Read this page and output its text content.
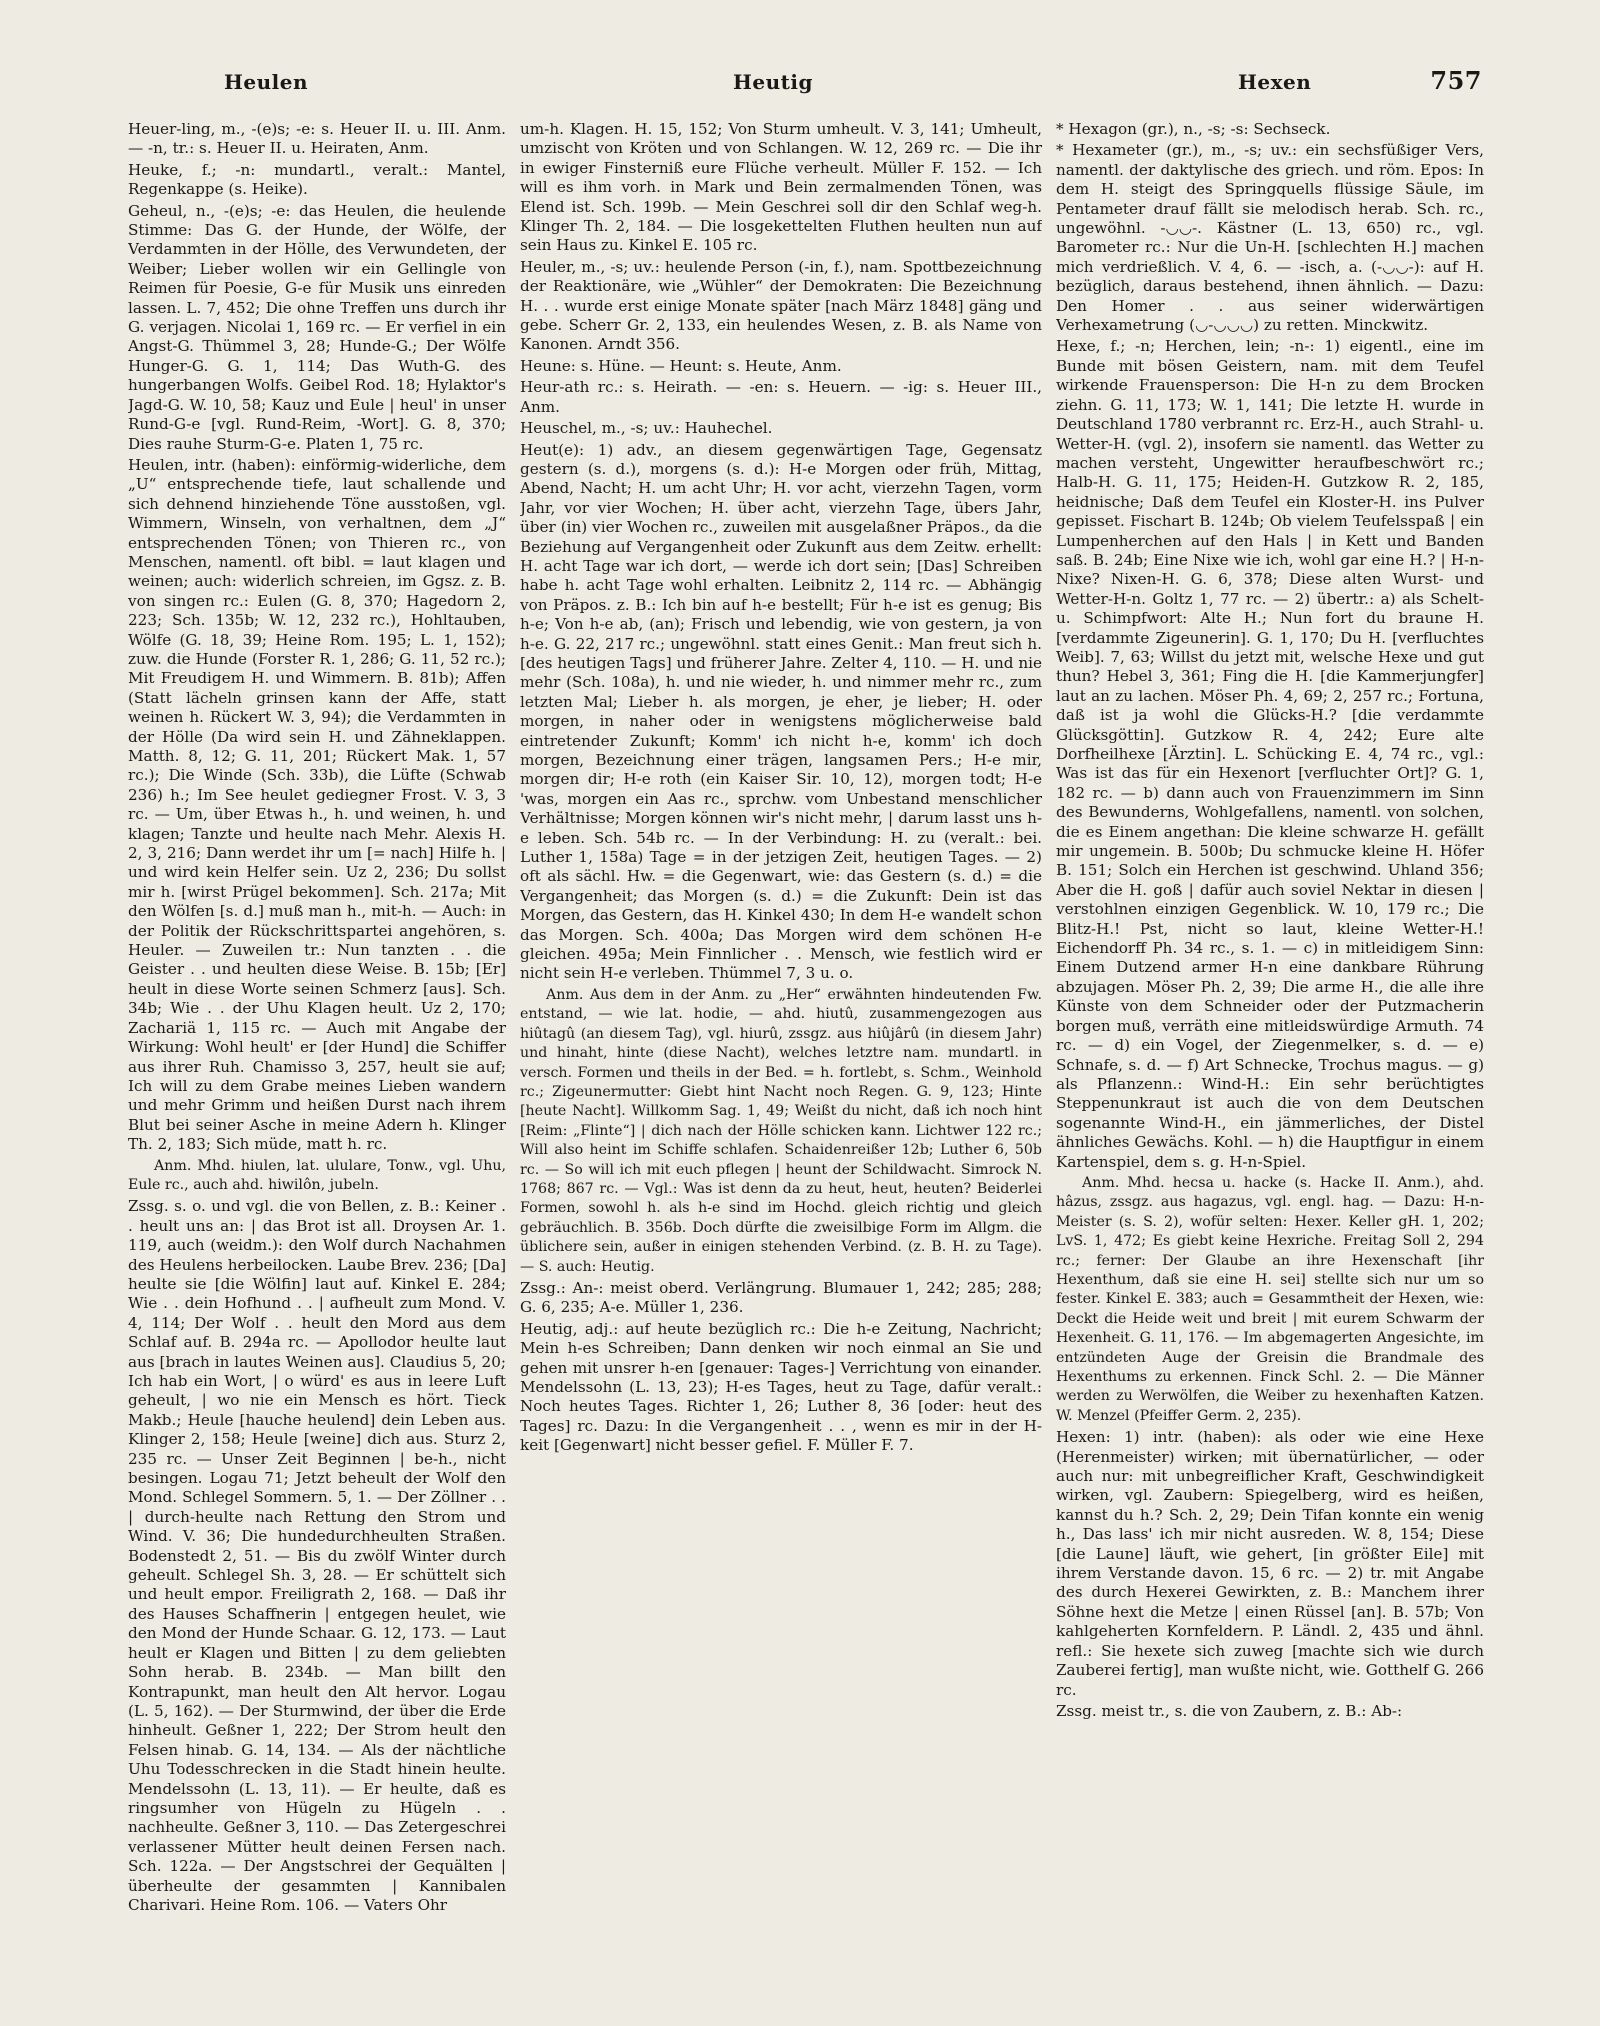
Heulen	Heutig	Hexen	757

Heuer-ling, m., -(e)s; -e: s. Heuer II. u. III. Anm. — -n, tr.: s. Heuer II. u. Heiraten, Anm.

Heuke, f.; -n: mundartl., veralt.: Mantel, Regenkappe (s. Heike).

Geheul, n., -(e)s; -e: das Heulen, die heulende Stimme: Das G. der Hunde, der Wölfe, der Verdammten in der Hölle, des Verwundeten, der Weiber; Lieber wollen wir ein Gellingle von Reimen für Poesie, G-e für Musik uns einreden lassen. L. 7, 452; Die ohne Treffen uns durch ihr G. verjagen. Nicolai 1, 169 rc. — Er verfiel in ein Angst-G. Thümmel 3, 28; Hunde-G.; Der Wölfe Hunger-G. G. 1, 114; Das Wuth-G. des hungerbangen Wolfs. Geibel Rod. 18; Hylaktor's Jagd-G. W. 10, 58; Kauz und Eule | heul' in unser Rund-G-e [vgl. Rund-Reim, -Wort]. G. 8, 370; Dies rauhe Sturm-G-e. Platen 1, 75 rc.

Heulen, intr. (haben): einförmig-widerliche, dem „U“ entsprechende tiefe, laut schallende und sich dehnend hinziehende Töne ausstoßen, vgl. Wimmern, Winseln, von verhaltnen, dem „J“ entsprechenden Tönen; von Thieren rc., von Menschen, namentl. oft bibl. = laut klagen und weinen; auch: widerlich schreien, im Ggsz. z. B. von singen rc.: Eulen (G. 8, 370; Hagedorn 2, 223; Sch. 135b; W. 12, 232 rc.), Hohltauben, Wölfe (G. 18, 39; Heine Rom. 195; L. 1, 152); zuw. die Hunde (Forster R. 1, 286; G. 11, 52 rc.); Mit Freudigem H. und Wimmern. B. 81b); Affen (Statt lächeln grinsen kann der Affe, statt weinen h. Rückert W. 3, 94); die Verdammten in der Hölle (Da wird sein H. und Zähneklappen. Matth. 8, 12; G. 11, 201; Rückert Mak. 1, 57 rc.); Die Winde (Sch. 33b), die Lüfte (Schwab 236) h.; Im See heulet gediegner Frost. V. 3, 3 rc. — Um, über Etwas h., h. und weinen, h. und klagen; Tanzte und heulte nach Mehr. Alexis H. 2, 3, 216; Dann werdet ihr um [= nach] Hilfe h. | und wird kein Helfer sein. Uz 2, 236; Du sollst mir h. [wirst Prügel bekommen]. Sch. 217a; Mit den Wölfen [s. d.] muß man h., mit-h. — Auch: in der Politik der Rückschrittspartei angehören, s. Heuler. — Zuweilen tr.: Nun tanzten . . die Geister . . und heulten diese Weise. B. 15b; [Er] heult in diese Worte seinen Schmerz [aus]. Sch. 34b; Wie . . der Uhu Klagen heult. Uz 2, 170; Zachariä 1, 115 rc. — Auch mit Angabe der Wirkung: Wohl heult' er [der Hund] die Schiffer aus ihrer Ruh. Chamisso 3, 257, heult sie auf; Ich will zu dem Grabe meines Lieben wandern und mehr Grimm und heißen Durst nach ihrem Blut bei seiner Asche in meine Adern h. Klinger Th. 2, 183; Sich müde, matt h. rc.

Anm. Mhd. hiulen, lat. ululare, Tonw., vgl. Uhu, Eule rc., auch ahd. hiwilôn, jubeln.

Zssg. s. o. und vgl. die von Bellen, z. B.: Keiner . . heult uns an: | das Brot ist all. Droysen Ar. 1. 119, auch (weidm.): den Wolf durch Nachahmen des Heulens herbeilocken. Laube Brev. 236; [Da] heulte sie [die Wölfin] laut auf. Kinkel E. 284; Wie . . dein Hofhund . . | aufheult zum Mond. V. 4, 114; Der Wolf . . heult den Mord aus dem Schlaf auf. B. 294a rc. — Apollodor heulte laut aus [brach in lautes Weinen aus]. Claudius 5, 20; Ich hab ein Wort, | o würd' es aus in leere Luft geheult, | wo nie ein Mensch es hört. Tieck Makb.; Heule [hauche heulend] dein Leben aus. Klinger 2, 158; Heule [weine] dich aus. Sturz 2, 235 rc. — Unser Zeit Beginnen | be-h., nicht besingen. Logau 71; Jetzt beheult der Wolf den Mond. Schlegel Sommern. 5, 1. — Der Zöllner . . | durch-heulte nach Rettung den Strom und Wind. V. 36; Die hundedurchheulten Straßen. Bodenstedt 2, 51. — Bis du zwölf Winter durch geheult. Schlegel Sh. 3, 28. — Er schüttelt sich und heult empor. Freiligrath 2, 168. — Daß ihr des Hauses Schaffnerin | entgegen heulet, wie den Mond der Hunde Schaar. G. 12, 173. — Laut heult er Klagen und Bitten | zu dem geliebten Sohn herab. B. 234b. — Man billt den Kontrapunkt, man heult den Alt hervor. Logau (L. 5, 162). — Der Sturmwind, der über die Erde hinheult. Geßner 1, 222; Der Strom heult den Felsen hinab. G. 14, 134. — Als der nächtliche Uhu Todesschrecken in die Stadt hinein heulte. Mendelssohn (L. 13, 11). — Er heulte, daß es ringsumher von Hügeln zu Hügeln . . nachheulte. Geßner 3, 110. — Das Zetergeschrei verlassener Mütter heult deinen Fersen nach. Sch. 122a. — Der Angstschrei der Gequälten | überheulte der gesammten | Kannibalen Charivari. Heine Rom. 106. — Vaters Ohr

um-h. Klagen. H. 15, 152; Von Sturm umheult. V. 3, 141; Umheult, umzischt von Kröten und von Schlangen. W. 12, 269 rc. — Die ihr in ewiger Finsterniß eure Flüche verheult. Müller F. 152. — Ich will es ihm vorh. in Mark und Bein zermalmenden Tönen, was Elend ist. Sch. 199b. — Mein Geschrei soll dir den Schlaf weg-h. Klinger Th. 2, 184. — Die losgekettelten Fluthen heulten nun auf sein Haus zu. Kinkel E. 105 rc.

Heuler, m., -s; uv.: heulende Person (-in, f.), nam. Spottbezeichnung der Reaktionäre, wie „Wühler“ der Demokraten: Die Bezeichnung H. . . wurde erst einige Monate später [nach März 1848] gäng und gebe. Scherr Gr. 2, 133, ein heulendes Wesen, z. B. als Name von Kanonen. Arndt 356.

Heune: s. Hüne. — Heunt: s. Heute, Anm.

Heur-ath rc.: s. Heirath. — -en: s. Heuern. — -ig: s. Heuer III., Anm.

Heuschel, m., -s; uv.: Hauhechel.

Heut(e): 1) adv., an diesem gegenwärtigen Tage, Gegensatz gestern (s. d.), morgens (s. d.): H-e Morgen oder früh, Mittag, Abend, Nacht; H. um acht Uhr; H. vor acht, vierzehn Tagen, vorm Jahr, vor vier Wochen; H. über acht, vierzehn Tage, übers Jahr, über (in) vier Wochen rc., zuweilen mit ausgelaßner Präpos., da die Beziehung auf Vergangenheit oder Zukunft aus dem Zeitw. erhellt: H. acht Tage war ich dort, — werde ich dort sein; [Das] Schreiben habe h. acht Tage wohl erhalten. Leibnitz 2, 114 rc. — Abhängig von Präpos. z. B.: Ich bin auf h-e bestellt; Für h-e ist es genug; Bis h-e; Von h-e ab, (an); Frisch und lebendig, wie von gestern, ja von h-e. G. 22, 217 rc.; ungewöhnl. statt eines Genit.: Man freut sich h. [des heutigen Tags] und früherer Jahre. Zelter 4, 110. — H. und nie mehr (Sch. 108a), h. und nie wieder, h. und nimmer mehr rc., zum letzten Mal; Lieber h. als morgen, je eher, je lieber; H. oder morgen, in naher oder in wenigstens möglicherweise bald eintretender Zukunft; Komm' ich nicht h-e, komm' ich doch morgen, Bezeichnung einer trägen, langsamen Pers.; H-e mir, morgen dir; H-e roth (ein Kaiser Sir. 10, 12), morgen todt; H-e 'was, morgen ein Aas rc., sprchw. vom Unbestand menschlicher Verhältnisse; Morgen können wir's nicht mehr, | darum lasst uns h-e leben. Sch. 54b rc. — In der Verbindung: H. zu (veralt.: bei. Luther 1, 158a) Tage = in der jetzigen Zeit, heutigen Tages. — 2) oft als sächl. Hw. = die Gegenwart, wie: das Gestern (s. d.) = die Vergangenheit; das Morgen (s. d.) = die Zukunft: Dein ist das Morgen, das Gestern, das H. Kinkel 430; In dem H-e wandelt schon das Morgen. Sch. 400a; Das Morgen wird dem schönen H-e gleichen. 495a; Mein Finnlicher . . Mensch, wie festlich wird er nicht sein H-e verleben. Thümmel 7, 3 u. o.

Anm. Aus dem in der Anm. zu „Her“ erwähnten hindeutenden Fw. entstand, — wie lat. hodie, — ahd. hiutû, zusammengezogen aus hiûtagû (an diesem Tag), vgl. hiurû, zssgz. aus hiûjârû (in diesem Jahr) und hinaht, hinte (diese Nacht), welches letztre nam. mundartl. in versch. Formen und theils in der Bed. = h. fortlebt, s. Schm., Weinhold rc.; Zigeunermutter: Giebt hint Nacht noch Regen. G. 9, 123; Hinte [heute Nacht]. Willkomm Sag. 1, 49; Weißt du nicht, daß ich noch hint [Reim: „Flinte“] | dich nach der Hölle schicken kann. Lichtwer 122 rc.; Will also heint im Schiffe schlafen. Schaidenreißer 12b; Luther 6, 50b rc. — So will ich mit euch pflegen | heunt der Schildwacht. Simrock N. 1768; 867 rc. — Vgl.: Was ist denn da zu heut, heut, heuten? Beiderlei Formen, sowohl h. als h-e sind im Hochd. gleich richtig und gleich gebräuchlich. B. 356b. Doch dürfte die zweisilbige Form im Allgm. die üblichere sein, außer in einigen stehenden Verbind. (z. B. H. zu Tage). — S. auch: Heutig.

Zssg.: An-: meist oberd. Verlängrung. Blumauer 1, 242; 285; 288; G. 6, 235; A-e. Müller 1, 236.

Heutig, adj.: auf heute bezüglich rc.: Die h-e Zeitung, Nachricht; Mein h-es Schreiben; Dann denken wir noch einmal an Sie und gehen mit unsrer h-en [genauer: Tages-] Verrichtung von einander. Mendelssohn (L. 13, 23); H-es Tages, heut zu Tage, dafür veralt.: Noch heutes Tages. Richter 1, 26; Luther 8, 36 [oder: heut des Tages] rc. Dazu: In die Vergangenheit . . , wenn es mir in der H-keit [Gegenwart] nicht besser gefiel. F. Müller F. 7.

* Hexagon (gr.), n., -s; -s: Sechseck.

* Hexameter (gr.), m., -s; uv.: ein sechsfüßiger Vers, namentl. der daktylische des griech. und röm. Epos: In dem H. steigt des Springquells flüssige Säule, im Pentameter drauf fällt sie melodisch herab. Sch. rc., ungewöhnl. -◡◡-. Kästner (L. 13, 650) rc., vgl. Barometer rc.: Nur die Un-H. [schlechten H.] machen mich verdrießlich. V. 4, 6. — -isch, a. (-◡◡-): auf H. bezüglich, daraus bestehend, ihnen ähnlich. — Dazu: Den Homer . . aus seiner widerwärtigen Verhexametrung (◡-◡◡◡) zu retten. Minckwitz.

Hexe, f.; -n; Herchen, lein; -n-: 1) eigentl., eine im Bunde mit bösen Geistern, nam. mit dem Teufel wirkende Frauensperson: Die H-n zu dem Brocken ziehn. G. 11, 173; W. 1, 141; Die letzte H. wurde in Deutschland 1780 verbrannt rc. Erz-H., auch Strahl- u. Wetter-H. (vgl. 2), insofern sie namentl. das Wetter zu machen versteht, Ungewitter heraufbeschwört rc.; Halb-H. G. 11, 175; Heiden-H. Gutzkow R. 2, 185, heidnische; Daß dem Teufel ein Kloster-H. ins Pulver gepisset. Fischart B. 124b; Ob vielem Teufelsspaß | ein Lumpenherchen auf den Hals | in Kett und Banden saß. B. 24b; Eine Nixe wie ich, wohl gar eine H.? | H-n-Nixe? Nixen-H. G. 6, 378; Diese alten Wurst- und Wetter-H-n. Goltz 1, 77 rc. — 2) übertr.: a) als Schelt- u. Schimpfwort: Alte H.; Nun fort du braune H. [verdammte Zigeunerin]. G. 1, 170; Du H. [verfluchtes Weib]. 7, 63; Willst du jetzt mit, welsche Hexe und gut thun? Hebel 3, 361; Fing die H. [die Kammerjungfer] laut an zu lachen. Möser Ph. 4, 69; 2, 257 rc.; Fortuna, daß ist ja wohl die Glücks-H.? [die verdammte Glücksgöttin]. Gutzkow R. 4, 242; Eure alte Dorfheilhexe [Ärztin]. L. Schücking E. 4, 74 rc., vgl.: Was ist das für ein Hexenort [verfluchter Ort]? G. 1, 182 rc. — b) dann auch von Frauenzimmern im Sinn des Bewunderns, Wohlgefallens, namentl. von solchen, die es Einem angethan: Die kleine schwarze H. gefällt mir ungemein. B. 500b; Du schmucke kleine H. Höfer B. 151; Solch ein Herchen ist geschwind. Uhland 356; Aber die H. goß | dafür auch soviel Nektar in diesen | verstohlnen einzigen Gegenblick. W. 10, 179 rc.; Die Blitz-H.! Pst, nicht so laut, kleine Wetter-H.! Eichendorff Ph. 34 rc., s. 1. — c) in mitleidigem Sinn: Einem Dutzend armer H-n eine dankbare Rührung abzujagen. Möser Ph. 2, 39; Die arme H., die alle ihre Künste von dem Schneider oder der Putzmacherin borgen muß, verräth eine mitleidswürdige Armuth. 74 rc. — d) ein Vogel, der Ziegenmelker, s. d. — e) Schnafe, s. d. — f) Art Schnecke, Trochus magus. — g) als Pflanzenn.: Wind-H.: Ein sehr berüchtigtes Steppenunkraut ist auch die von dem Deutschen sogenannte Wind-H., ein jämmerliches, der Distel ähnliches Gewächs. Kohl. — h) die Hauptfigur in einem Kartenspiel, dem s. g. H-n-Spiel.

Anm. Mhd. hecsa u. hacke (s. Hacke II. Anm.), ahd. hâzus, zssgz. aus hagazus, vgl. engl. hag. — Dazu: H-n-Meister (s. S. 2), wofür selten: Hexer. Keller gH. 1, 202; LvS. 1, 472; Es giebt keine Hexriche. Freitag Soll 2, 294 rc.; ferner: Der Glaube an ihre Hexenschaft [ihr Hexenthum, daß sie eine H. sei] stellte sich nur um so fester. Kinkel E. 383; auch = Gesammtheit der Hexen, wie: Deckt die Heide weit und breit | mit eurem Schwarm der Hexenheit. G. 11, 176. — Im abgemagerten Angesichte, im entzündeten Auge der Greisin die Brandmale des Hexenthums zu erkennen. Finck Schl. 2. — Die Männer werden zu Werwölfen, die Weiber zu hexenhaften Katzen. W. Menzel (Pfeiffer Germ. 2, 235).

Hexen: 1) intr. (haben): als oder wie eine Hexe (Herenmeister) wirken; mit übernatürlicher, — oder auch nur: mit unbegreiflicher Kraft, Geschwindigkeit wirken, vgl. Zaubern: Spiegelberg, wird es heißen, kannst du h.? Sch. 2, 29; Dein Tifan konnte ein wenig h., Das lass' ich mir nicht ausreden. W. 8, 154; Diese [die Laune] läuft, wie gehert, [in größter Eile] mit ihrem Verstande davon. 15, 6 rc. — 2) tr. mit Angabe des durch Hexerei Gewirkten, z. B.: Manchem ihrer Söhne hext die Metze | einen Rüssel [an]. B. 57b; Von kahlgeherten Kornfeldern. P. Ländl. 2, 435 und ähnl. refl.: Sie hexete sich zuweg [machte sich wie durch Zauberei fertig], man wußte nicht, wie. Gotthelf G. 266 rc.

Zssg. meist tr., s. die von Zaubern, z. B.: Ab-:
